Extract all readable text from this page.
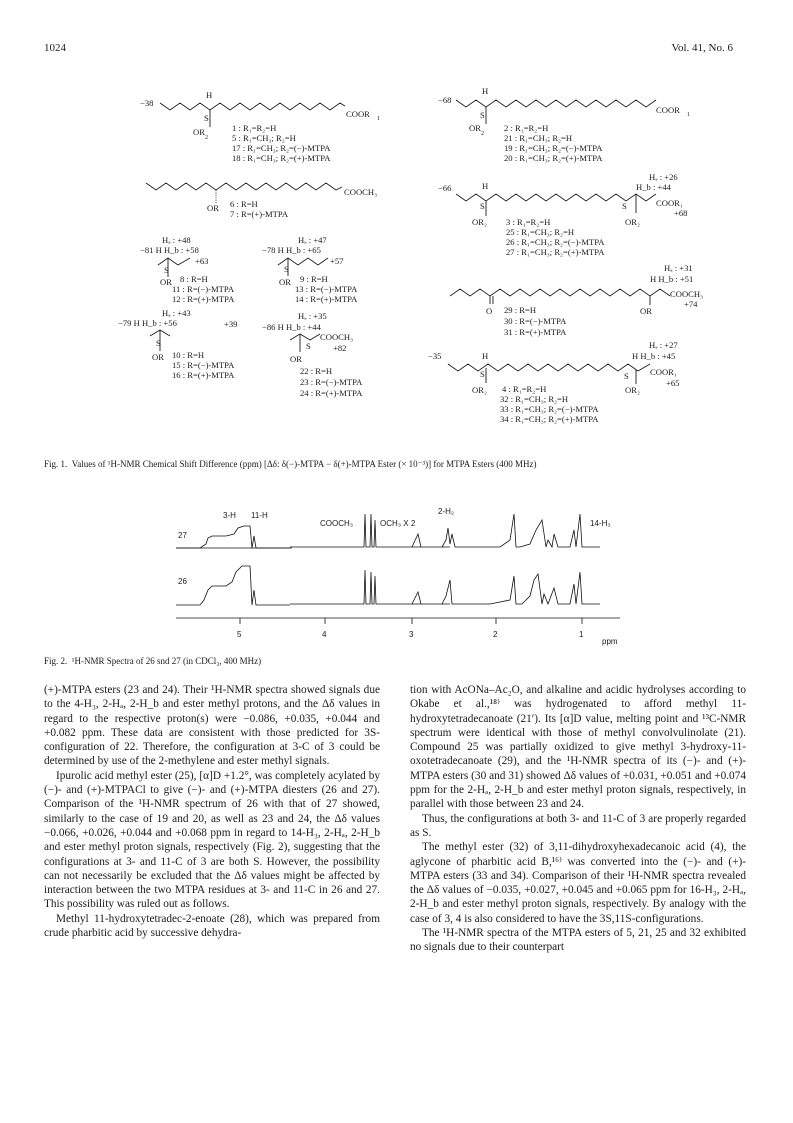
1024	Vol. 41, No. 6
−38
H
S
OR
2
COOR 1
1 : R₁=R₂=H
5 : R₁=CH₃; R₂=H
17 : R₁=CH₃; R₂=(−)-MTPA
18 : R₁=CH₃; R₂=(+)-MTPA
−68
H
S
OR
2
COOR 1
2 : R₁=R₂=H
21 : R₁=CH₃; R₂=H
19 : R₁=CH₃; R₂=(−)-MTPA
20 : R₁=CH₃; R₂=(+)-MTPA
OR
COOCH₃
6 : R=H
7 : R=(+)-MTPA
Hₐ : +26
H_b : +44
−66	H
S	S
OR₂	OR₂
COOR₁
+68
3 : R₁=R₂=H
25 : R₁=CH₃; R₂=H
26 : R₁=CH₃; R₂=(−)-MTPA
27 : R₁=CH₃; R₂=(+)-MTPA
Hₐ : +48
−81 H H_b : +58
+63
S
OR 8 : R=H
11 : R=(−)-MTPA
12 : R=(+)-MTPA
Hₐ : +47
−78 H H_b : +65
+57
S
OR 9 : R=H
13 : R=(−)-MTPA
14 : R=(+)-MTPA
Hₐ : +43
−79 H H_b : +56	+39
S
OR 10 : R=H
15 : R=(−)-MTPA
16 : R=(+)-MTPA
Hₐ : +35
−86 H H_b : +44
COOCH₃
+82
S
OR
22 : R=H
23 : R=(−)-MTPA
24 : R=(+)-MTPA
Hₐ : +31
H H_b : +51
COOCH₃
+74
O	OR
29 : R=H
30 : R=(−)-MTPA
31 : R=(+)-MTPA
Hₐ : +27
H H_b : +45
−35	H
S	S
OR₂	OR₂
COOR₁
+65
4 : R₁=R₂=H
32 : R₁=CH₃; R₂=H
33 : R₁=CH₃; R₂=(−)-MTPA
34 : R₁=CH₃; R₂=(+)-MTPA
Fig. 1. Values of ¹H-NMR Chemical Shift Difference (ppm) [Δδ: δ(−)-MTPA − δ(+)-MTPA Ester (× 10⁻³)] for MTPA Esters (400 MHz)
3-H 11-H
COOCH₃	OCH₃ X 2
2-H₂
14-H₃
27
26
5	4	3	2	1
ppm
Fig. 2. ¹H-NMR Spectra of 26 snd 27 (in CDCl₃, 400 MHz)

(+)-MTPA esters (23 and 24). Their ¹H-NMR spectra showed signals due to the 4-H₃, 2-Hₐ, 2-H_b and ester methyl protons, and the Δδ values in regard to the respective proton(s) were −0.086, +0.035, +0.044 and +0.082 ppm. These data are consistent with those predicted for 3S-configuration of 22. Therefore, the configuration at 3-C of 3 could be determined by use of the 2-methylene and ester methyl signals.

Ipurolic acid methyl ester (25), [α]D +1.2°, was completely acylated by (−)- and (+)-MTPACl to give (−)- and (+)-MTPA diesters (26 and 27). Comparison of the ¹H-NMR spectrum of 26 with that of 27 showed, similarly to the case of 19 and 20, as well as 23 and 24, the Δδ values −0.066, +0.026, +0.044 and +0.068 ppm in regard to 14-H₃, 2-Hₐ, 2-H_b and ester methyl proton signals, respectively (Fig. 2), suggesting that the configurations at 3- and 11-C of 3 are both S. However, the possibility can not necessarily be excluded that the Δδ values might be affected by interaction between the two MTPA residues at 3- and 11-C in 26 and 27. This possibility was ruled out as follows.

Methyl 11-hydroxytetradec-2-enoate (28), which was prepared from crude pharbitic acid by successive dehydra-

tion with AcONa–Ac₂O, and alkaline and acidic hydrolyses according to Okabe et al.,¹⁸⁾ was hydrogenated to afford methyl 11-hydroxytetradecanoate (21′). Its [α]D value, melting point and ¹³C-NMR spectrum were identical with those of methyl convolvulinolate (21). Compound 25 was partially oxidized to give methyl 3-hydroxy-11-oxotetradecanoate (29), and the ¹H-NMR spectra of its (−)- and (+)-MTPA esters (30 and 31) showed Δδ values of +0.031, +0.051 and +0.074 ppm for the 2-Hₐ, 2-H_b and ester methyl proton signals, respectively, in parallel with those between 23 and 24.

Thus, the configurations at both 3- and 11-C of 3 are properly regarded as S.

The methyl ester (32) of 3,11-dihydroxyhexadecanoic acid (4), the aglycone of pharbitic acid B,¹⁶⁾ was converted into the (−)- and (+)-MTPA esters (33 and 34). Comparison of their ¹H-NMR spectra revealed the Δδ values of −0.035, +0.027, +0.045 and +0.065 ppm for 16-H₃, 2-Hₐ, 2-H_b and ester methyl proton signals, respectively. By analogy with the case of 3, 4 is also considered to have the 3S,11S-configurations.

The ¹H-NMR spectra of the MTPA esters of 5, 21, 25 and 32 exhibited no signals due to their counterpart
